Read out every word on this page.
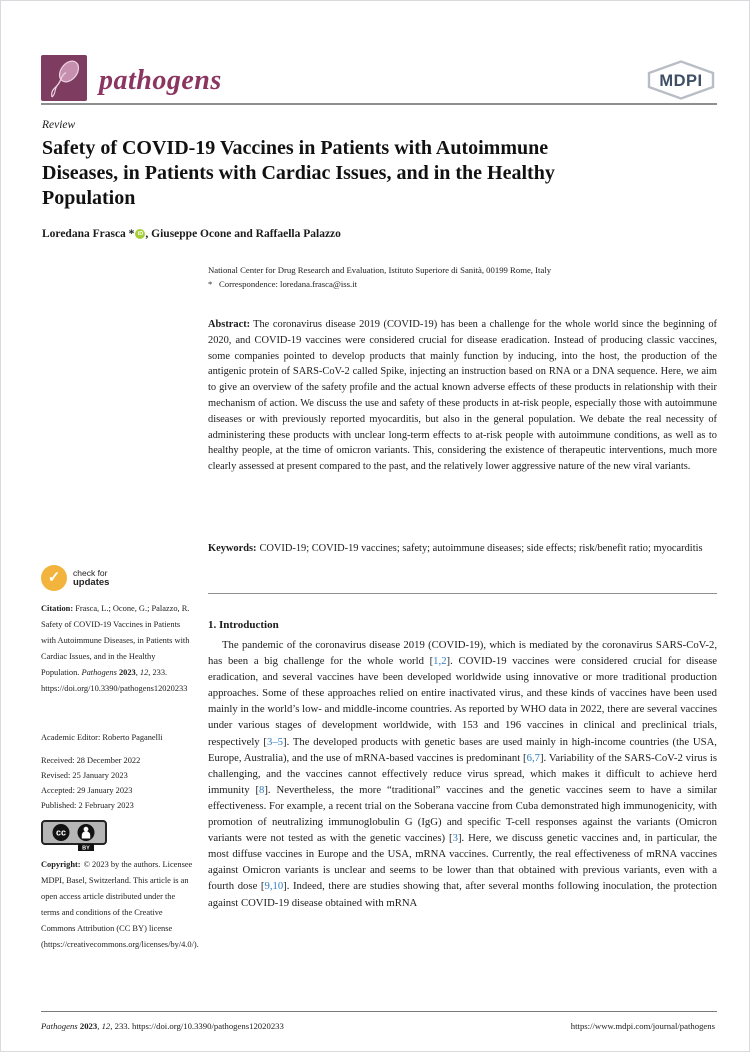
pathogens	MDPI
Review
Safety of COVID-19 Vaccines in Patients with Autoimmune Diseases, in Patients with Cardiac Issues, and in the Healthy Population
Loredana Frasca * iD , Giuseppe Ocone and Raffaella Palazzo
National Center for Drug Research and Evaluation, Istituto Superiore di Sanità, 00199 Rome, Italy
* Correspondence: loredana.frasca@iss.it
Abstract: The coronavirus disease 2019 (COVID-19) has been a challenge for the whole world since the beginning of 2020, and COVID-19 vaccines were considered crucial for disease eradication. Instead of producing classic vaccines, some companies pointed to develop products that mainly function by inducing, into the host, the production of the antigenic protein of SARS-CoV-2 called Spike, injecting an instruction based on RNA or a DNA sequence. Here, we aim to give an overview of the safety profile and the actual known adverse effects of these products in relationship with their mechanism of action. We discuss the use and safety of these products in at-risk people, especially those with autoimmune diseases or with previously reported myocarditis, but also in the general population. We debate the real necessity of administering these products with unclear long-term effects to at-risk people with autoimmune conditions, as well as to healthy people, at the time of omicron variants. This, considering the existence of therapeutic interventions, much more clearly assessed at present compared to the past, and the relatively lower aggressive nature of the new viral variants.
Keywords: COVID-19; COVID-19 vaccines; safety; autoimmune diseases; side effects; risk/benefit ratio; myocarditis
✓	check for
updates
Citation: Frasca, L.; Ocone, G.; Palazzo, R. Safety of COVID-19 Vaccines in Patients with Autoimmune Diseases, in Patients with Cardiac Issues, and in the Healthy Population. Pathogens 2023, 12, 233. https://doi.org/10.3390/pathogens12020233
Academic Editor: Roberto Paganelli
Received: 28 December 2022
Revised: 25 January 2023
Accepted: 29 January 2023
Published: 2 February 2023
cc
BY
Copyright: © 2023 by the authors. Licensee MDPI, Basel, Switzerland. This article is an open access article distributed under the terms and conditions of the Creative Commons Attribution (CC BY) license (https://creativecommons.org/licenses/by/4.0/).
1. Introduction
The pandemic of the coronavirus disease 2019 (COVID-19), which is mediated by the coronavirus SARS-CoV-2, has been a big challenge for the whole world [1,2]. COVID-19 vaccines were considered crucial for disease eradication, and several vaccines have been developed worldwide using innovative or more traditional production approaches. Some of these approaches relied on entire inactivated virus, and these kinds of vaccines have been used mainly in the world’s low- and middle-income countries. As reported by WHO data in 2022, there are several vaccines under various stages of development worldwide, with 153 and 196 vaccines in clinical and preclinical trials, respectively [3–5]. The developed products with genetic bases are used mainly in high-income countries (the USA, Europe, Australia), and the use of mRNA-based vaccines is predominant [6,7]. Variability of the SARS-CoV-2 virus is challenging, and the vaccines cannot effectively reduce virus spread, which makes it difficult to achieve herd immunity [8]. Nevertheless, the more “traditional” vaccines and the genetic vaccines seem to have a similar effectiveness. For example, a recent trial on the Soberana vaccine from Cuba demonstrated high immunogenicity, with promotion of neutralizing immunoglobulin G (IgG) and specific T-cell responses against the variants (Omicron variants were not tested as with the genetic vaccines) [3]. Here, we discuss genetic vaccines and, in particular, the most diffuse vaccines in Europe and the USA, mRNA vaccines. Currently, the real effectiveness of mRNA vaccines against Omicron variants is unclear and seems to be lower than that obtained with previous variants, even with a fourth dose [9,10]. Indeed, there are studies showing that, after several months following inoculation, the protection against COVID-19 disease obtained with mRNA
Pathogens 2023, 12, 233. https://doi.org/10.3390/pathogens12020233	https://www.mdpi.com/journal/pathogens
